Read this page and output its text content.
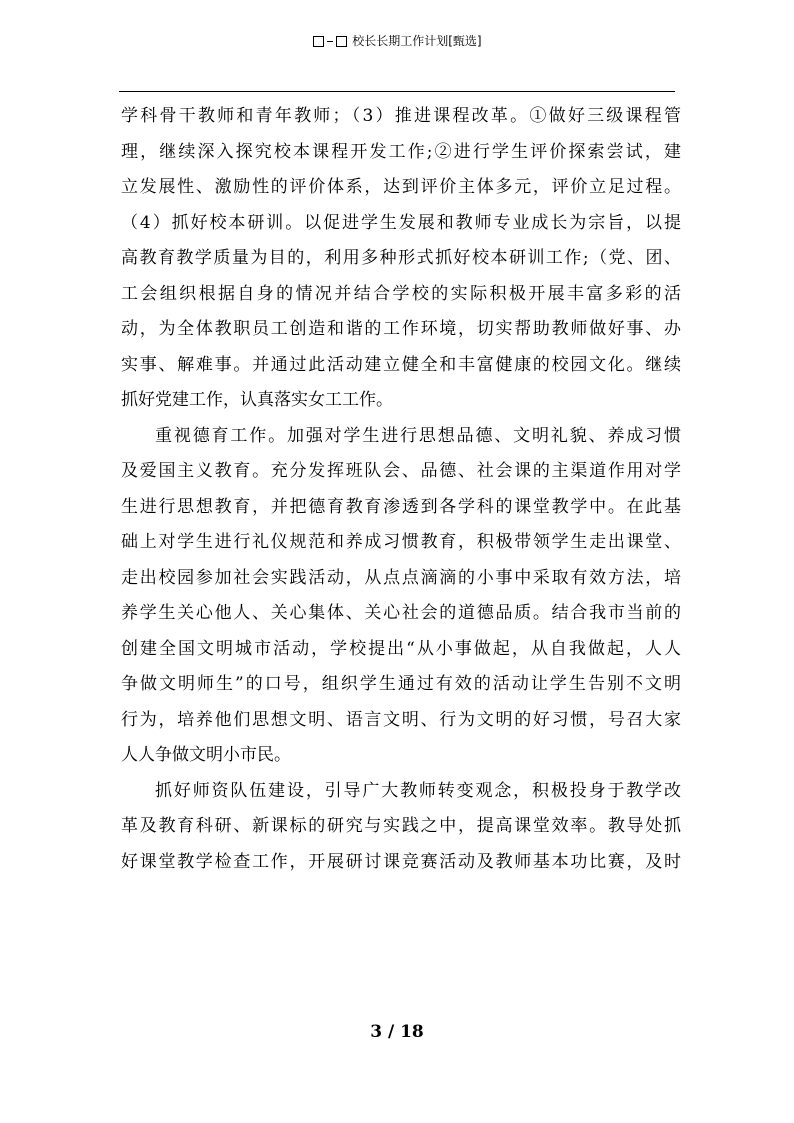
校长长期工作计划[甄选]
学科骨干教师和青年教师；（3）推进课程改革。①做好三级课程管
理，继续深入探究校本课程开发工作;②进行学生评价探索尝试，建
立发展性、激励性的评价体系，达到评价主体多元，评价立足过程。
（4）抓好校本研训。以促进学生发展和教师专业成长为宗旨，以提
高教育教学质量为目的，利用多种形式抓好校本研训工作;（党、团、
工会组织根据自身的情况并结合学校的实际积极开展丰富多彩的活
动，为全体教职员工创造和谐的工作环境，切实帮助教师做好事、办
实事、解难事。并通过此活动建立健全和丰富健康的校园文化。继续
抓好党建工作，认真落实女工工作。
重视德育工作。加强对学生进行思想品德、文明礼貌、养成习惯
及爱国主义教育。充分发挥班队会、品德、社会课的主渠道作用对学
生进行思想教育，并把德育教育渗透到各学科的课堂教学中。在此基
础上对学生进行礼仪规范和养成习惯教育，积极带领学生走出课堂、
走出校园参加社会实践活动，从点点滴滴的小事中采取有效方法，培
养学生关心他人、关心集体、关心社会的道德品质。结合我市当前的
创建全国文明城市活动，学校提出“从小事做起，从自我做起，人人
争做文明师生”的口号，组织学生通过有效的活动让学生告别不文明
行为，培养他们思想文明、语言文明、行为文明的好习惯，号召大家
人人争做文明小市民。
抓好师资队伍建设，引导广大教师转变观念，积极投身于教学改
革及教育科研、新课标的研究与实践之中，提高课堂效率。教导处抓
好课堂教学检查工作，开展研讨课竞赛活动及教师基本功比赛，及时
3 / 18
